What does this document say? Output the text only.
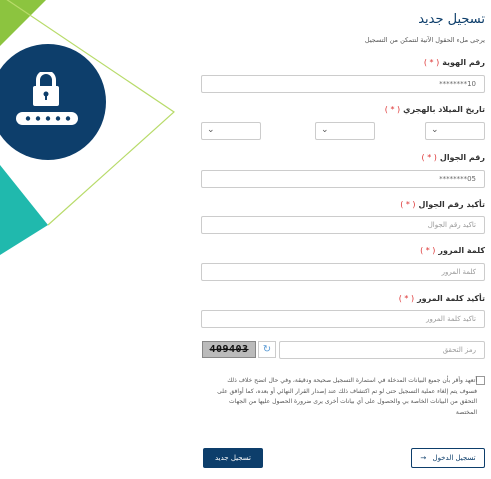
تسجيل جديد
يرجى ملء الحقول الآتية لتتمكن من التسجيل
رقم الهوية( * )
10********
تاريخ الميلاد بالهجري( * )
⌄
⌄
⌄
رقم الجوال( * )
05********
تأكيد رقم الجوال( * )
تأكيد رقم الجوال
كلمة المرور( * )
كلمة المرور
تأكيد كلمة المرور( * )
تأكيد كلمة المرور
رمز التحقق
409403	↻
أتعهد وأقر بأن جميع البيانات المدخلة في استمارة التسجيل صحيحة ودقيقة، وفي حال اتضح خلاف ذلك فسوف يتم إلغاء عملية التسجيل حتى لو تم اكتشاف ذلك عند إصدار القرار النهائي أو بعده، كما أوافق على التحقق من البيانات الخاصة بي والحصول على أي بيانات أخرى يرى ضرورة الحصول عليها من الجهات المختصة
تسجيل جديد	تسجيل الدخول →
